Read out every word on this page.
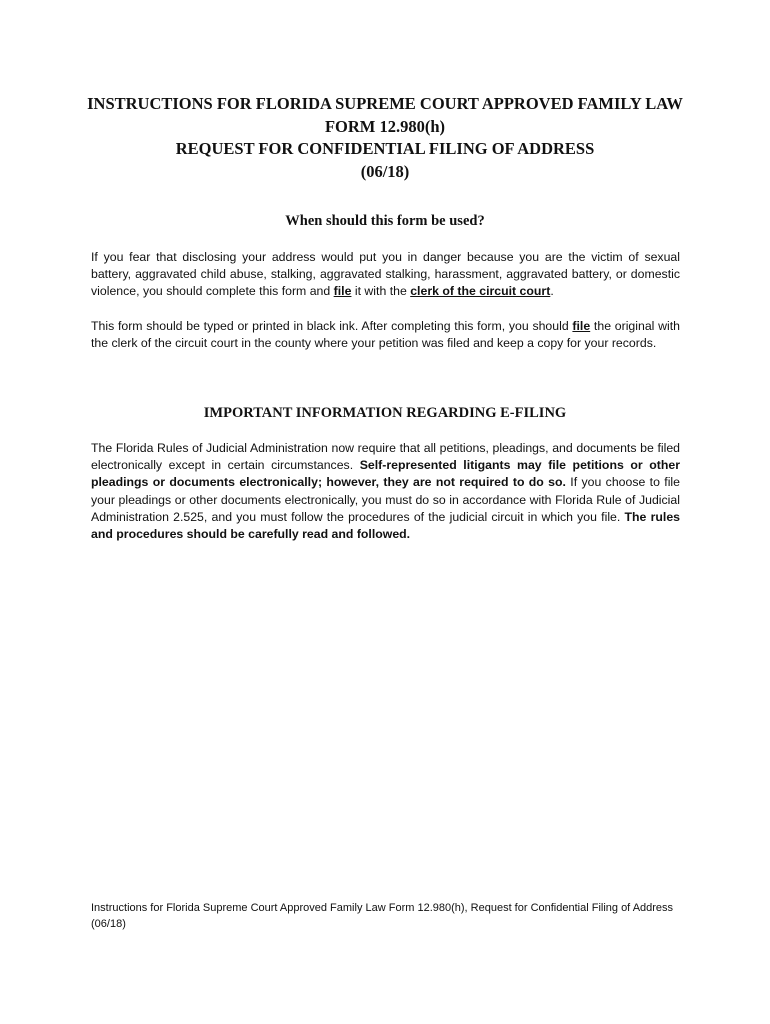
INSTRUCTIONS FOR FLORIDA SUPREME COURT APPROVED FAMILY LAW
FORM 12.980(h)
REQUEST FOR CONFIDENTIAL FILING OF ADDRESS
(06/18)
When should this form be used?

If you fear that disclosing your address would put you in danger because you are the victim of sexual battery, aggravated child abuse, stalking, aggravated stalking, harassment, aggravated battery, or domestic violence, you should complete this form and file it with the clerk of the circuit court.

This form should be typed or printed in black ink. After completing this form, you should file the original with the clerk of the circuit court in the county where your petition was filed and keep a copy for your records.

IMPORTANT INFORMATION REGARDING E-FILING

The Florida Rules of Judicial Administration now require that all petitions, pleadings, and documents be filed electronically except in certain circumstances. Self-represented litigants may file petitions or other pleadings or documents electronically; however, they are not required to do so. If you choose to file your pleadings or other documents electronically, you must do so in accordance with Florida Rule of Judicial Administration 2.525, and you must follow the procedures of the judicial circuit in which you file. The rules and procedures should be carefully read and followed.

Instructions for Florida Supreme Court Approved Family Law Form 12.980(h), Request for Confidential Filing of Address (06/18)
